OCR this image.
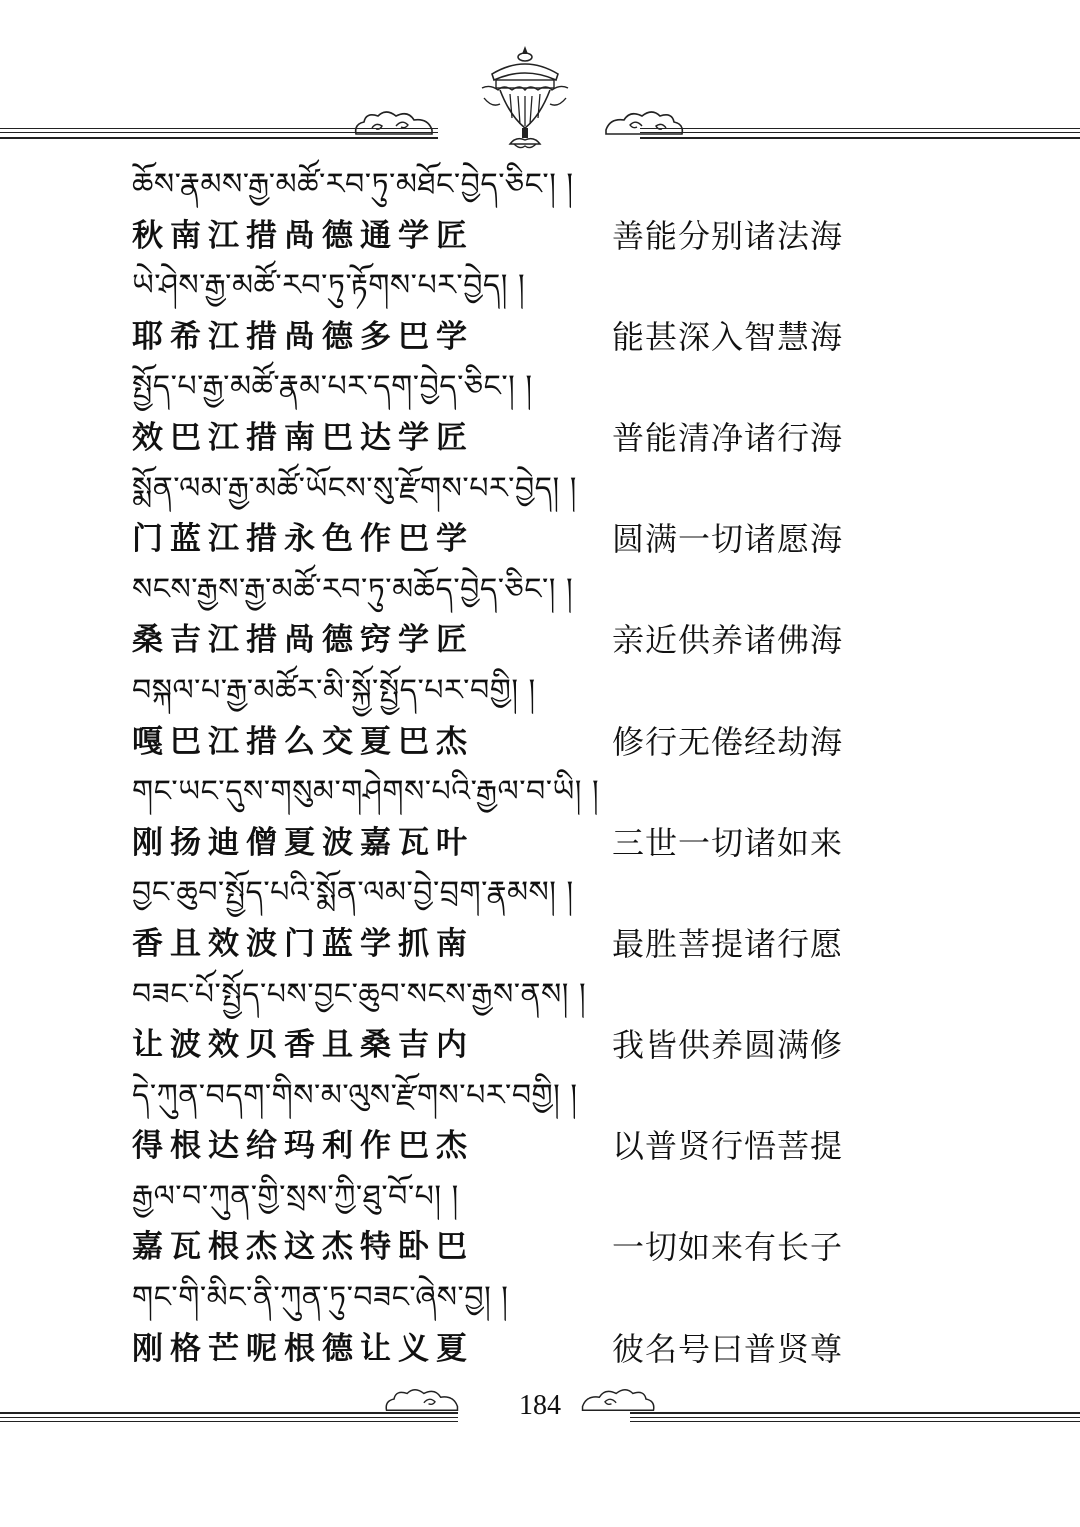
ཆོས་རྣམས་རྒྱ་མཚོ་རབ་ཏུ་མཐོང་བྱེད་ཅིང་། །
秋南江措咼德通学匠	善能分别诸法海
ཡེ་ཤེས་རྒྱ་མཚོ་རབ་ཏུ་རྟོགས་པར་བྱེད། །
耶希江措咼德多巴学	能甚深入智慧海
སྤྱོད་པ་རྒྱ་མཚོ་རྣམ་པར་དག་བྱེད་ཅིང་། །
效巴江措南巴达学匠	普能清净诸行海
སྨོན་ལམ་རྒྱ་མཚོ་ཡོངས་སུ་རྫོགས་པར་བྱེད། །
门蓝江措永色作巴学	圆满一切诸愿海
སངས་རྒྱས་རྒྱ་མཚོ་རབ་ཏུ་མཆོད་བྱེད་ཅིང་། །
桑吉江措咼德窍学匠	亲近供养诸佛海
བསྐལ་པ་རྒྱ་མཚོར་མི་སྐྱོ་སྤྱོད་པར་བགྱི། །
嘎巴江措么交夏巴杰	修行无倦经劫海
གང་ཡང་དུས་གསུམ་གཤེགས་པའི་རྒྱལ་བ་ཡི། །
刚扬迪僧夏波嘉瓦叶	三世一切诸如来
བྱང་ཆུབ་སྤྱོད་པའི་སྨོན་ལམ་བྱེ་བྲག་རྣམས། །
香且效波门蓝学抓南	最胜菩提诸行愿
བཟང་པོ་སྤྱོད་པས་བྱང་ཆུབ་སངས་རྒྱས་ནས། །
让波效贝香且桑吉内	我皆供养圆满修
དེ་ཀུན་བདག་གིས་མ་ལུས་རྫོགས་པར་བགྱི། །
得根达给玛利作巴杰	以普贤行悟菩提
རྒྱལ་བ་ཀུན་གྱི་སྲས་ཀྱི་ཐུ་བོ་པ། །
嘉瓦根杰这杰特卧巴	一切如来有长子
གང་གི་མིང་ནི་ཀུན་ཏུ་བཟང་ཞེས་བྱ། །
刚格芒呢根德让义夏	彼名号曰普贤尊
184
